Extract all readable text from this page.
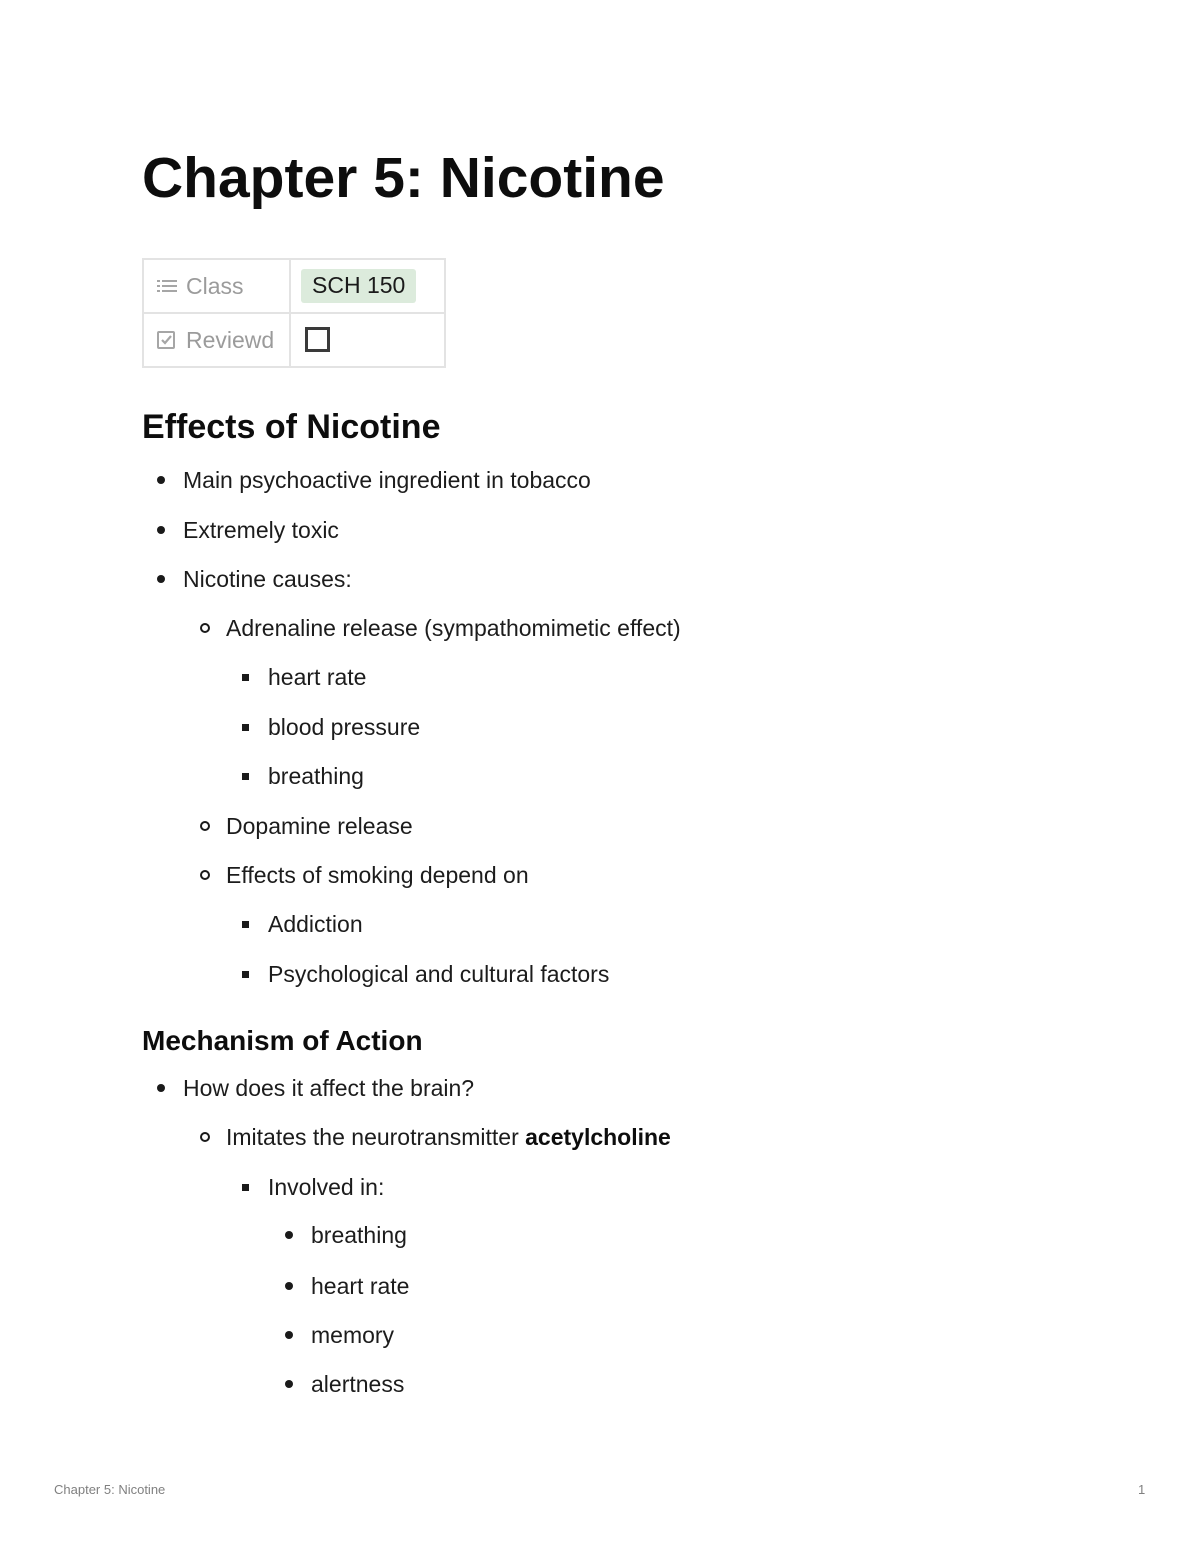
Chapter 5: Nicotine
Class	SCH 150

Reviewd	

Effects of Nicotine
Main psychoactive ingredient in tobacco
Extremely toxic
Nicotine causes:
Adrenaline release (sympathomimetic effect)
heart rate
blood pressure
breathing
Dopamine release
Effects of smoking depend on
Addiction
Psychological and cultural factors
Mechanism of Action
How does it affect the brain?
Imitates the neurotransmitter acetylcholine
Involved in:
breathing
heart rate
memory
alertness
Chapter 5: Nicotine	1
